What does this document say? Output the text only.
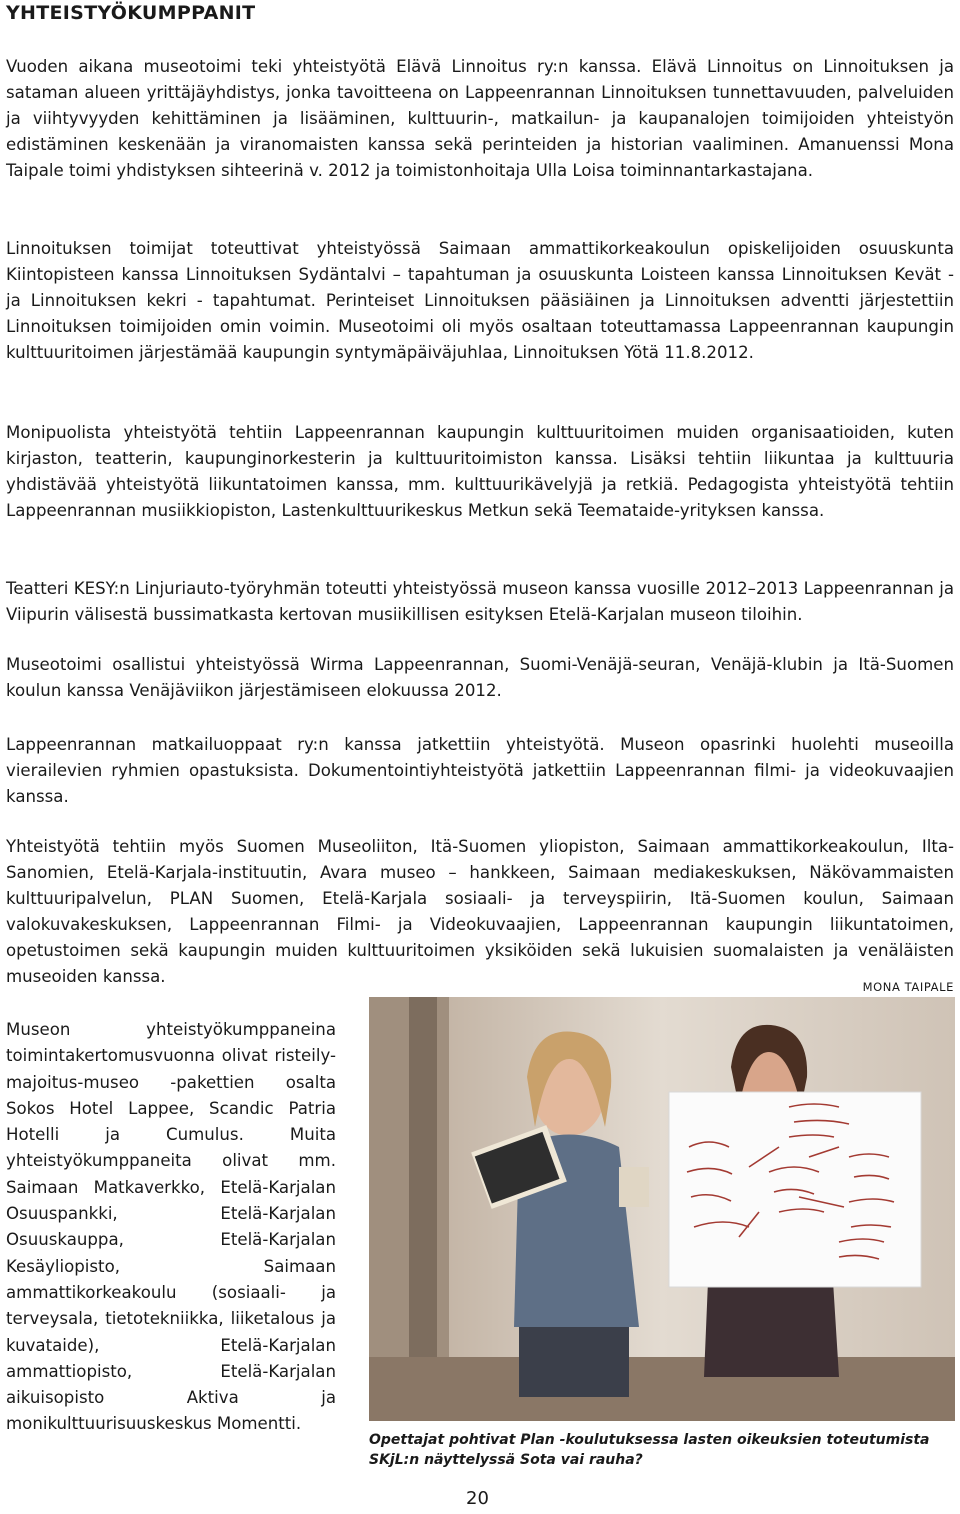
YHTEISTYÖKUMPPANIT

Vuoden aikana museotoimi teki yhteistyötä Elävä Linnoitus ry:n kanssa. Elävä Linnoitus on Linnoituksen ja sataman alueen yrittäjäyhdistys, jonka tavoitteena on Lappeenrannan Linnoituksen tunnettavuuden, palveluiden ja viihtyvyyden kehittäminen ja lisääminen, kulttuurin-, matkailun- ja kaupanalojen toimijoiden yhteistyön edistäminen keskenään ja viranomaisten kanssa sekä perinteiden ja historian vaaliminen. Amanuenssi Mona Taipale toimi yhdistyksen sihteerinä v. 2012 ja toimistonhoitaja Ulla Loisa toiminnantarkastajana.

Linnoituksen toimijat toteuttivat yhteistyössä Saimaan ammattikorkeakoulun opiskelijoiden osuuskunta Kiintopisteen kanssa Linnoituksen Sydäntalvi – tapahtuman ja osuuskunta Loisteen kanssa Linnoituksen Kevät - ja Linnoituksen kekri - tapahtumat. Perinteiset Linnoituksen pääsiäinen ja Linnoituksen adventti järjestettiin Linnoituksen toimijoiden omin voimin. Museotoimi oli myös osaltaan toteuttamassa Lappeenrannan kaupungin kulttuuritoimen järjestämää kaupungin syntymäpäiväjuhlaa, Linnoituksen Yötä 11.8.2012.

Monipuolista yhteistyötä tehtiin Lappeenrannan kaupungin kulttuuritoimen muiden organisaatioiden, kuten kirjaston, teatterin, kaupunginorkesterin ja kulttuuritoimiston kanssa. Lisäksi tehtiin liikuntaa ja kulttuuria yhdistävää yhteistyötä liikuntatoimen kanssa, mm. kulttuurikävelyjä ja retkiä. Pedagogista yhteistyötä tehtiin Lappeenrannan musiikkiopiston, Lastenkulttuurikeskus Metkun sekä Teemataide-yrityksen kanssa.

Teatteri KESY:n Linjuriauto-työryhmän toteutti yhteistyössä museon kanssa vuosille 2012–2013 Lappeenrannan ja Viipurin välisestä bussimatkasta kertovan musiikillisen esityksen Etelä-Karjalan museon tiloihin.

Museotoimi osallistui yhteistyössä Wirma Lappeenrannan, Suomi-Venäjä-seuran, Venäjä-klubin ja Itä-Suomen koulun kanssa Venäjäviikon järjestämiseen elokuussa 2012.

Lappeenrannan matkailuoppaat ry:n kanssa jatkettiin yhteistyötä. Museon opasrinki huolehti museoilla vierailevien ryhmien opastuksista. Dokumentointiyhteistyötä jatkettiin Lappeenrannan filmi- ja videokuvaajien kanssa.

Yhteistyötä tehtiin myös Suomen Museoliiton, Itä-Suomen yliopiston, Saimaan ammattikorkeakoulun, Ilta-Sanomien, Etelä-Karjala-instituutin, Avara museo – hankkeen, Saimaan mediakeskuksen, Näkövammaisten kulttuuripalvelun, PLAN Suomen, Etelä-Karjala sosiaali- ja terveyspiirin, Itä-Suomen koulun, Saimaan valokuvakeskuksen, Lappeenrannan Filmi- ja Videokuvaajien, Lappeenrannan kaupungin liikuntatoimen, opetustoimen sekä kaupungin muiden kulttuuritoimen yksiköiden sekä lukuisien suomalaisten ja venäläisten museoiden kanssa.

MONA TAIPALE

Museon yhteistyökumppaneina toimintakertomusvuonna olivat risteily-majoitus-museo -pakettien osalta Sokos Hotel Lappee, Scandic Patria Hotelli ja Cumulus. Muita yhteistyökumppaneita olivat mm. Saimaan Matkaverkko, Etelä-Karjalan Osuuspankki, Etelä-Karjalan Osuuskauppa, Etelä-Karjalan Kesäyliopisto, Saimaan ammattikorkeakoulu (sosiaali- ja terveysala, tietotekniikka, liiketalous ja kuvataide), Etelä-Karjalan ammattiopisto, Etelä-Karjalan aikuisopisto Aktiva ja monikulttuurisuuskeskus Momentti.

Opettajat pohtivat Plan -koulutuksessa lasten oikeuksien toteutumista SKjL:n näyttelyssä Sota vai rauha?

20
